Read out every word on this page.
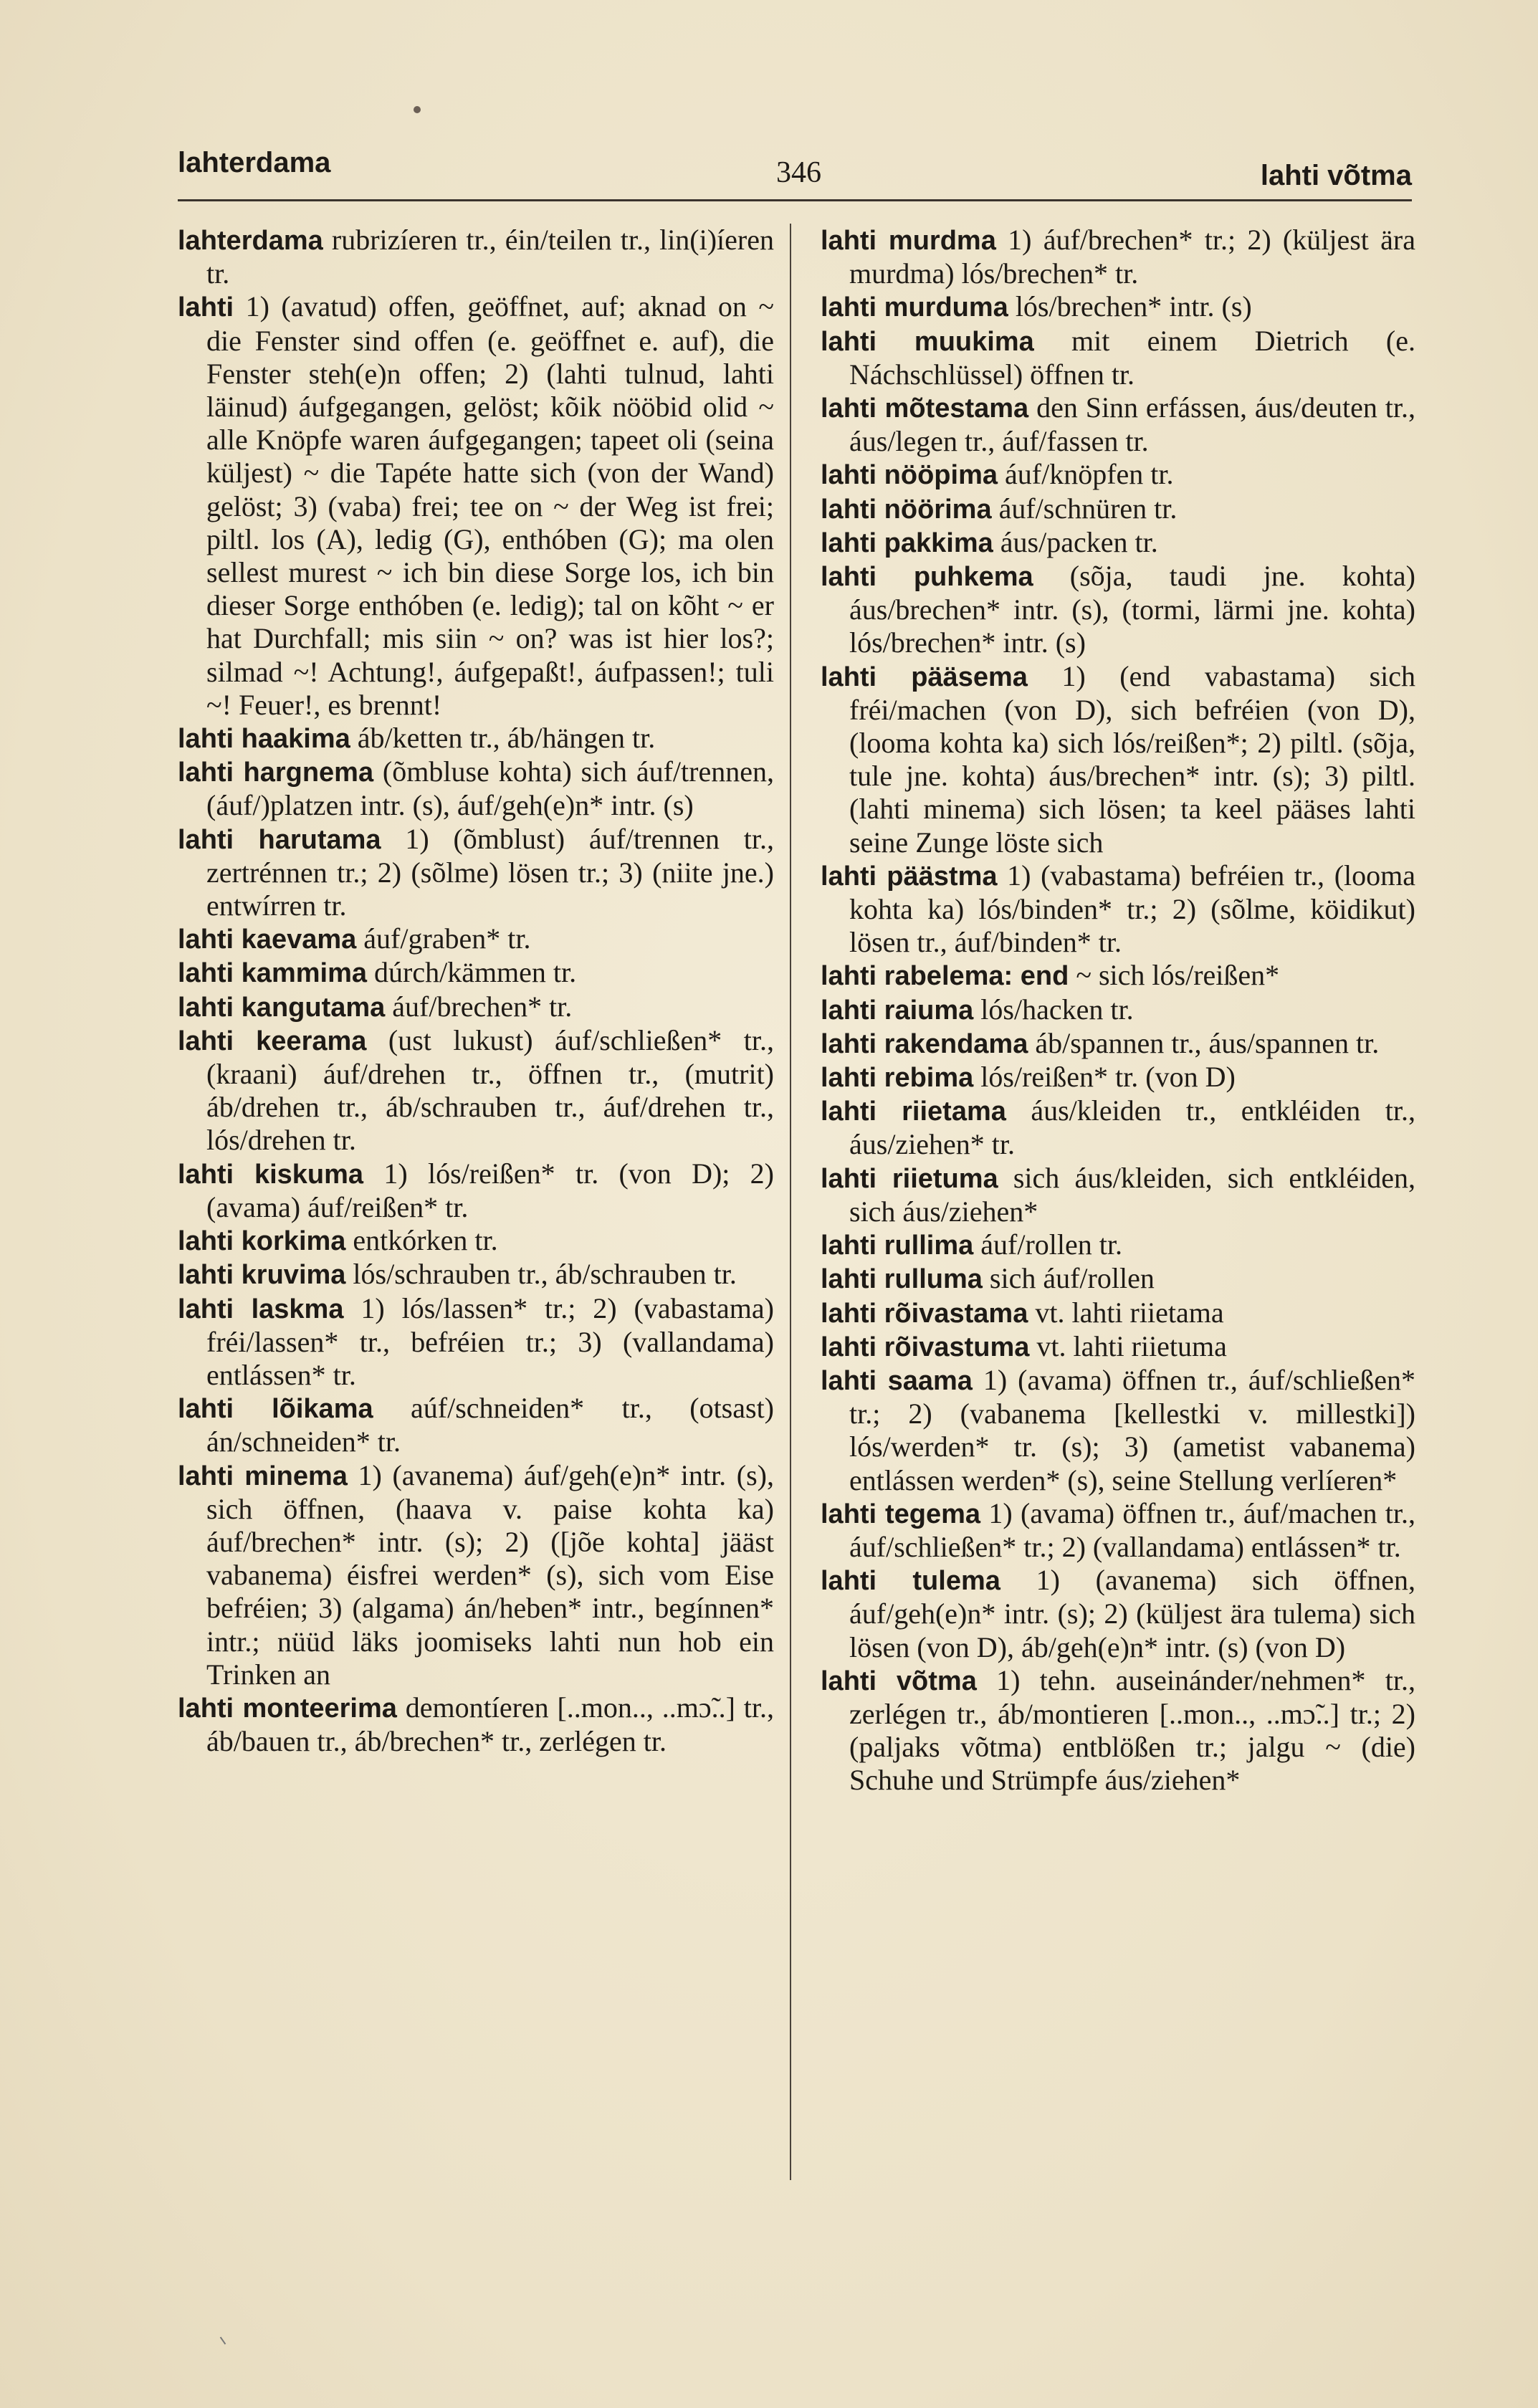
lahterdama	346	lahti võtma

lahterdama rubrizíeren tr., éin/teilen tr., lin(i)íeren tr.

lahti 1) (avatud) offen, geöffnet, auf; aknad on ~ die Fenster sind offen (e. geöffnet e. auf), die Fenster steh(e)n offen; 2) (lahti tulnud, lahti läinud) áufgegangen, gelöst; kõik nööbid olid ~ alle Knöpfe waren áufgegangen; tapeet oli (seina küljest) ~ die Tapéte hatte sich (von der Wand) gelöst; 3) (vaba) frei; tee on ~ der Weg ist frei; piltl. los (A), ledig (G), enthóben (G); ma olen sellest murest ~ ich bin diese Sorge los, ich bin dieser Sorge enthóben (e. ledig); tal on kõht ~ er hat Durchfall; mis siin ~ on? was ist hier los?; silmad ~! Achtung!, áufgepaßt!, áufpassen!; tuli ~! Feuer!, es brennt!

lahti haakima áb/ketten tr., áb/hängen tr.

lahti hargnema (õmbluse kohta) sich áuf/trennen, (áuf/)platzen intr. (s), áuf/geh(e)n* intr. (s)

lahti harutama 1) (õmblust) áuf/trennen tr., zertrénnen tr.; 2) (sõlme) lösen tr.; 3) (niite jne.) entwírren tr.

lahti kaevama áuf/graben* tr.

lahti kammima dúrch/kämmen tr.

lahti kangutama áuf/brechen* tr.

lahti keerama (ust lukust) áuf/schließen* tr., (kraani) áuf/drehen tr., öffnen tr., (mutrit) áb/drehen tr., áb/schrauben tr., áuf/drehen tr., lós/drehen tr.

lahti kiskuma 1) lós/reißen* tr. (von D); 2) (avama) áuf/reißen* tr.

lahti korkima entkórken tr.

lahti kruvima lós/schrauben tr., áb/schrauben tr.

lahti laskma 1) lós/lassen* tr.; 2) (vabastama) fréi/lassen* tr., befréien tr.; 3) (vallandama) entlássen* tr.

lahti lõikama aúf/schneiden* tr., (otsast) án/schneiden* tr.

lahti minema 1) (avanema) áuf/geh(e)n* intr. (s), sich öffnen, (haava v. paise kohta ka) áuf/brechen* intr. (s); 2) ([jõe kohta] jääst vabanema) éisfrei werden* (s), sich vom Eise befréien; 3) (algama) án/heben* intr., begínnen* intr.; nüüd läks joomiseks lahti nun hob ein Trinken an

lahti monteerima demontíeren [..mon.., ..mɔ̃..] tr., áb/bauen tr., áb/brechen* tr., zerlégen tr.

lahti murdma 1) áuf/brechen* tr.; 2) (küljest ära murdma) lós/brechen* tr.

lahti murduma lós/brechen* intr. (s)

lahti muukima mit einem Dietrich (e. Náchschlüssel) öffnen tr.

lahti mõtestama den Sinn erfássen, áus/deuten tr., áus/legen tr., áuf/fassen tr.

lahti nööpima áuf/knöpfen tr.

lahti nöörima áuf/schnüren tr.

lahti pakkima áus/packen tr.

lahti puhkema (sõja, taudi jne. kohta) áus/brechen* intr. (s), (tormi, lärmi jne. kohta) lós/brechen* intr. (s)

lahti pääsema 1) (end vabastama) sich fréi/machen (von D), sich befréien (von D), (looma kohta ka) sich lós/reißen*; 2) piltl. (sõja, tule jne. kohta) áus/brechen* intr. (s); 3) piltl. (lahti minema) sich lösen; ta keel pääses lahti seine Zunge löste sich

lahti päästma 1) (vabastama) befréien tr., (looma kohta ka) lós/binden* tr.; 2) (sõlme, köidikut) lösen tr., áuf/binden* tr.

lahti rabelema: end ~ sich lós/reißen*

lahti raiuma lós/hacken tr.

lahti rakendama áb/spannen tr., áus/spannen tr.

lahti rebima lós/reißen* tr. (von D)

lahti riietama áus/kleiden tr., entkléiden tr., áus/ziehen* tr.

lahti riietuma sich áus/kleiden, sich entkléiden, sich áus/ziehen*

lahti rullima áuf/rollen tr.

lahti rulluma sich áuf/rollen

lahti rõivastama vt. lahti riietama

lahti rõivastuma vt. lahti riietuma

lahti saama 1) (avama) öffnen tr., áuf/schließen* tr.; 2) (vabanema [kellestki v. millestki]) lós/werden* tr. (s); 3) (ametist vabanema) entlássen werden* (s), seine Stellung verlíeren*

lahti tegema 1) (avama) öffnen tr., áuf/machen tr., áuf/schließen* tr.; 2) (vallandama) entlássen* tr.

lahti tulema 1) (avanema) sich öffnen, áuf/geh(e)n* intr. (s); 2) (küljest ära tulema) sich lösen (von D), áb/geh(e)n* intr. (s) (von D)

lahti võtma 1) tehn. auseinánder/nehmen* tr., zerlégen tr., áb/montieren [..mon.., ..mɔ̃..] tr.; 2) (paljaks võtma) entblößen tr.; jalgu ~ (die) Schuhe und Strümpfe áus/ziehen*
